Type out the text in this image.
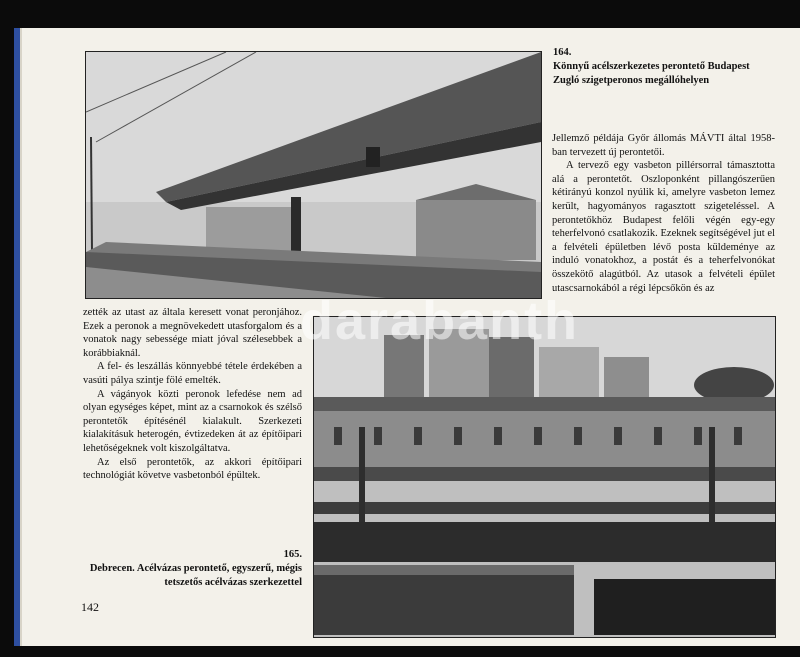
164.
Könnyű acélszerkezetes perontető Budapest
Zugló szigetperonos megállóhelyen

Jellemző példája Győr állomás MÁVTI által 1958-ban tervezett új perontetői.

A tervező egy vasbeton pillérsorral támasztotta alá a perontetőt. Oszloponként pillangószerűen kétirányú konzol nyúlik ki, amelyre vasbeton lemez került, hagyományos ragasztott szigeteléssel. A perontetőkhöz Budapest felőli végén egy-egy teherfelvonó csatlakozik. Ezeknek segítségével jut el a felvételi épületben lévő posta küldeménye az induló vonatokhoz, a postát és a teherfelvonókat összekötő alagútból. Az utasok a felvételi épület utascsarnokából a régi lépcsőkön és az

zették az utast az általa keresett vonat peronjához. Ezek a peronok a megnövekedett utasforgalom és a vonatok nagy sebessége miatt jóval szélesebbek a korábbiaknál.

A fel- és leszállás könnyebbé tétele érdekében a vasúti pálya szintje fölé emelték.

A vágányok közti peronok lefedése nem ad olyan egységes képet, mint az a csarnokok és szélső perontetők építésénél kialakult. Szerkezeti kialakításuk heterogén, évtizedeken át az építőipari lehetőségeknek volt kiszolgáltatva.

Az első perontetők, az akkori építőipari technológiát követve vasbetonból épültek.

darabanth
165.
Debrecen. Acélvázas perontető, egyszerű, mégis
tetszetős acélvázas szerkezettel
142
